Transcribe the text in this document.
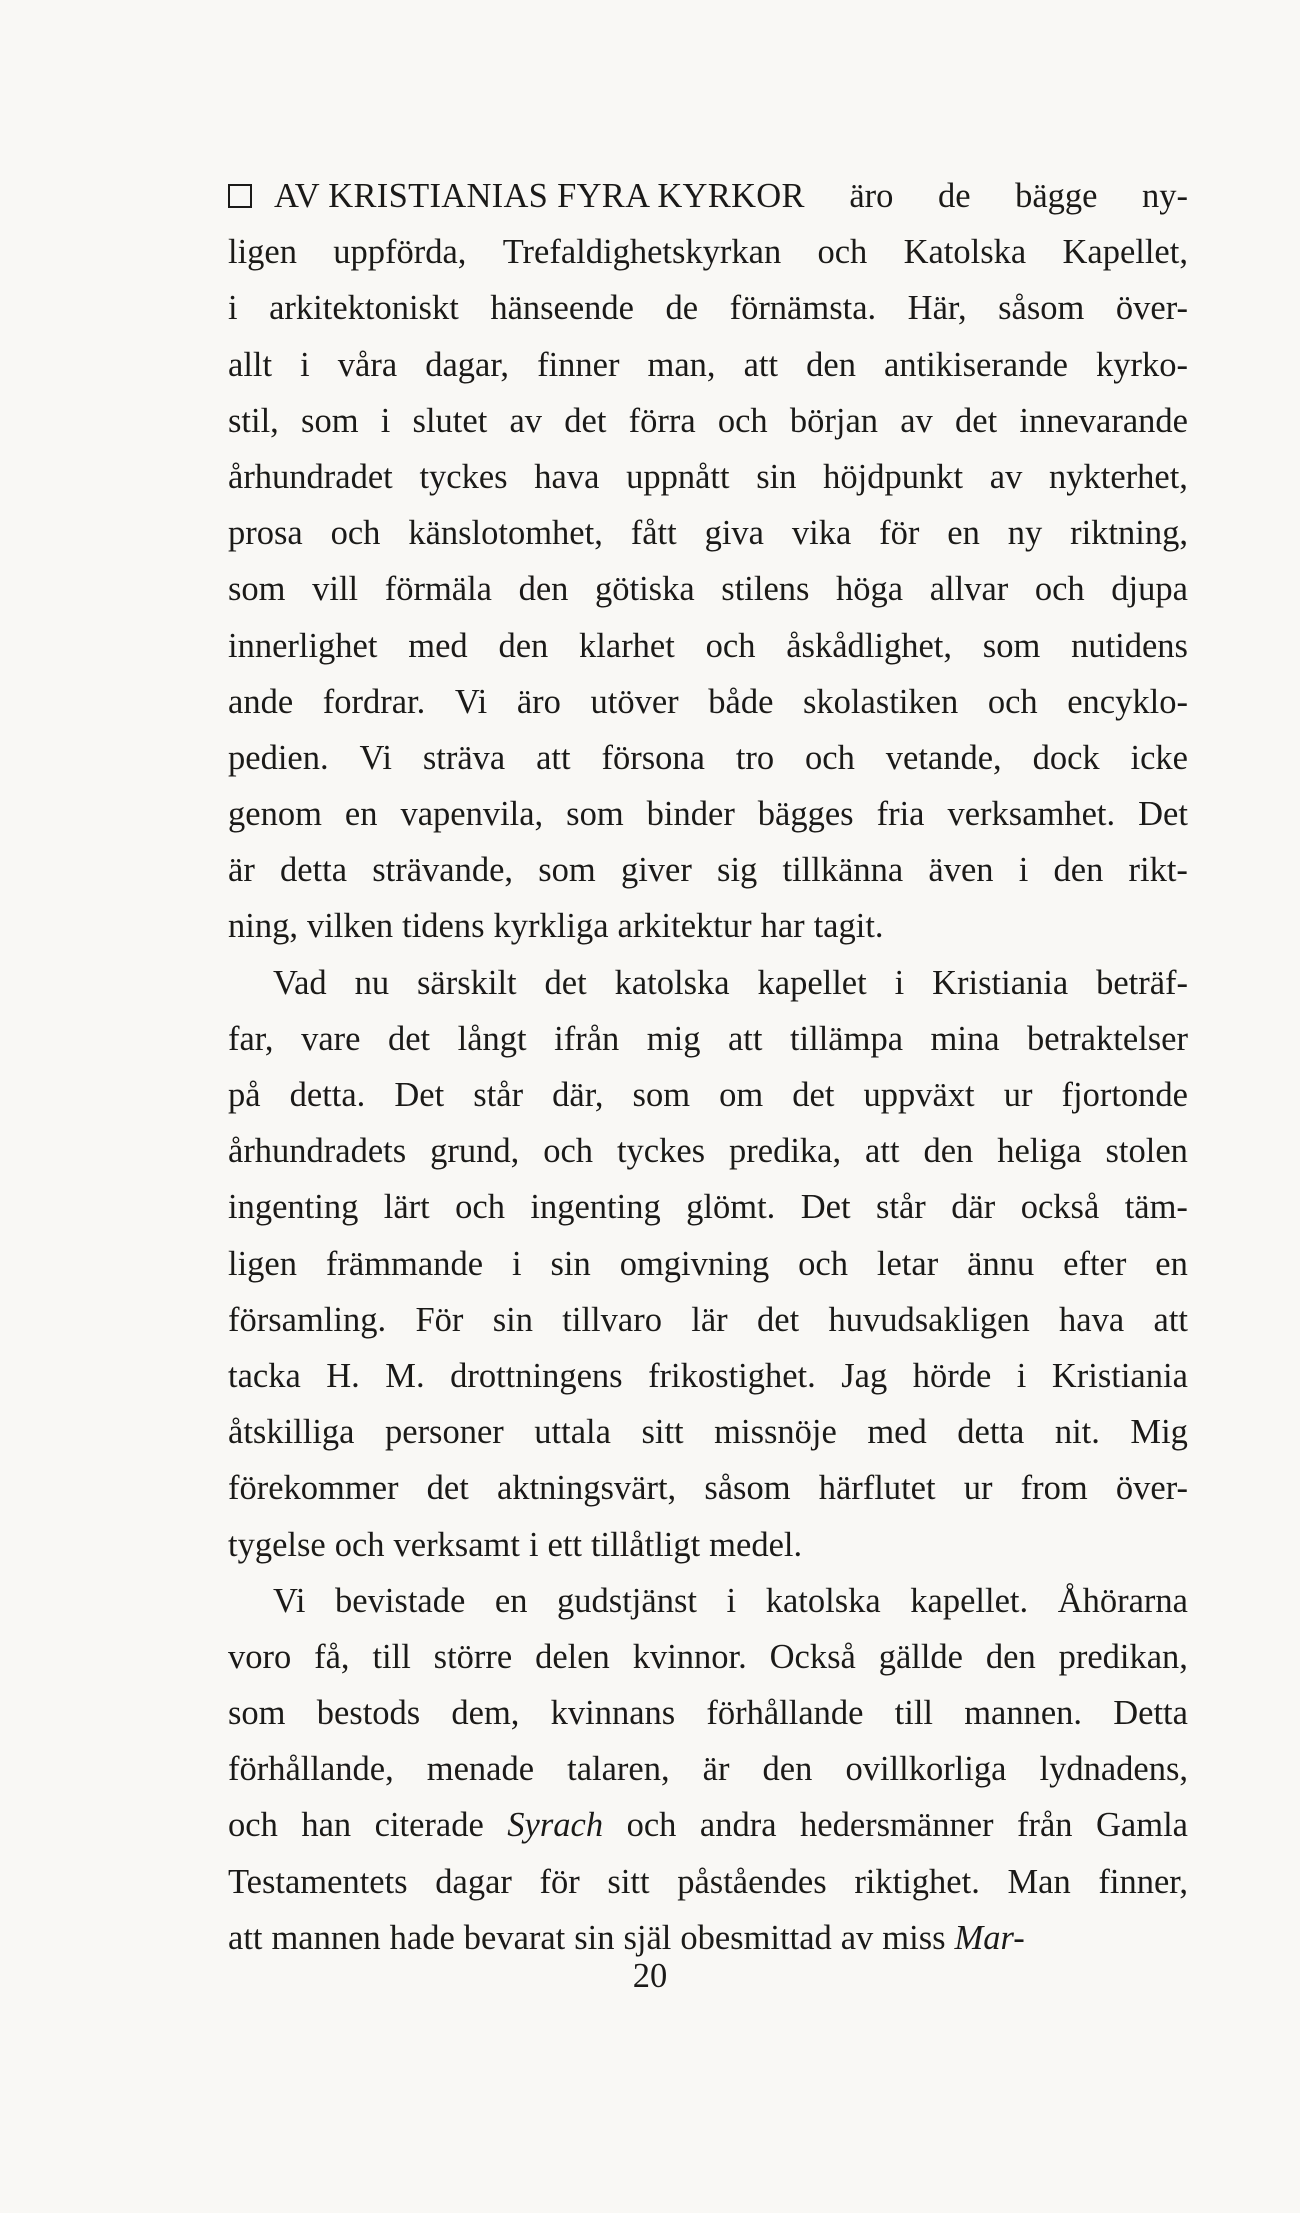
AV KRISTIANIAS FYRA KYRKOR äro de bägge ny-
ligen uppförda, Trefaldighetskyrkan och Katolska Kapellet,
i arkitektoniskt hänseende de förnämsta. Här, såsom över-
allt i våra dagar, finner man, att den antikiserande kyrko-
stil, som i slutet av det förra och början av det innevarande
århundradet tyckes hava uppnått sin höjdpunkt av nykterhet,
prosa och känslotomhet, fått giva vika för en ny riktning,
som vill förmäla den götiska stilens höga allvar och djupa
innerlighet med den klarhet och åskådlighet, som nutidens
ande fordrar. Vi äro utöver både skolastiken och encyklo-
pedien. Vi sträva att försona tro och vetande, dock icke
genom en vapenvila, som binder bägges fria verksamhet. Det
är detta strävande, som giver sig tillkänna även i den rikt-
ning, vilken tidens kyrkliga arkitektur har tagit.
Vad nu särskilt det katolska kapellet i Kristiania beträf-
far, vare det långt ifrån mig att tillämpa mina betraktelser
på detta. Det står där, som om det uppväxt ur fjortonde
århundradets grund, och tyckes predika, att den heliga stolen
ingenting lärt och ingenting glömt. Det står där också täm-
ligen främmande i sin omgivning och letar ännu efter en
församling. För sin tillvaro lär det huvudsakligen hava att
tacka H. M. drottningens frikostighet. Jag hörde i Kristiania
åtskilliga personer uttala sitt missnöje med detta nit. Mig
förekommer det aktningsvärt, såsom härflutet ur from över-
tygelse och verksamt i ett tillåtligt medel.
Vi bevistade en gudstjänst i katolska kapellet. Åhörarna
voro få, till större delen kvinnor. Också gällde den predikan,
som bestods dem, kvinnans förhållande till mannen. Detta
förhållande, menade talaren, är den ovillkorliga lydnadens,
och han citerade Syrach och andra hedersmänner från Gamla
Testamentets dagar för sitt påståendes riktighet. Man finner,
att mannen hade bevarat sin själ obesmittad av miss Mar-
20
